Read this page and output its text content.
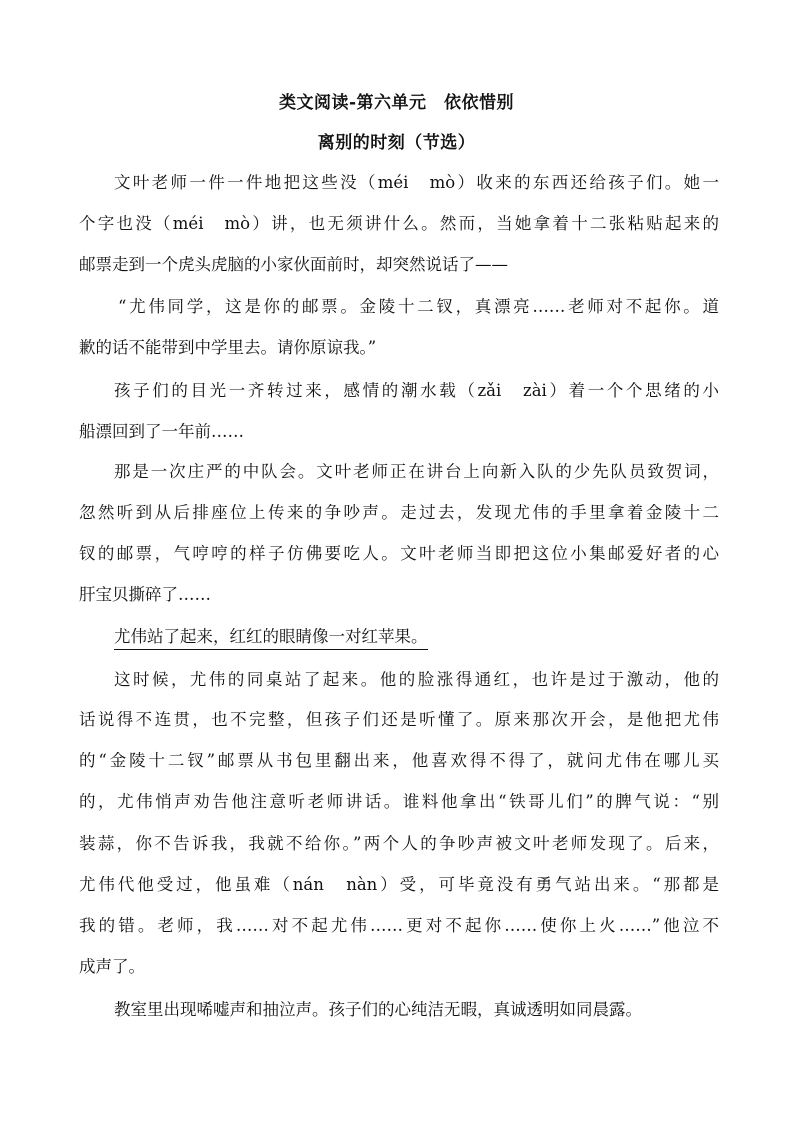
类文阅读-第六单元　依依惜别
离别的时刻（节选）
文叶老师一件一件地把这些没（méi　mò）收来的东西还给孩子们。她一
个字也没（méi　mò）讲，也无须讲什么。然而，当她拿着十二张粘贴起来的
邮票走到一个虎头虎脑的小家伙面前时，却突然说话了——
“尤伟同学，这是你的邮票。金陵十二钗，真漂亮……老师对不起你。道
歉的话不能带到中学里去。请你原谅我。”
孩子们的目光一齐转过来，感情的潮水载（zǎi　zài）着一个个思绪的小
船漂回到了一年前……
那是一次庄严的中队会。文叶老师正在讲台上向新入队的少先队员致贺词，
忽然听到从后排座位上传来的争吵声。走过去，发现尤伟的手里拿着金陵十二
钗的邮票，气哼哼的样子仿佛要吃人。文叶老师当即把这位小集邮爱好者的心
肝宝贝撕碎了……
尤伟站了起来，红红的眼睛像一对红苹果。
这时候，尤伟的同桌站了起来。他的脸涨得通红，也许是过于激动，他的
话说得不连贯，也不完整，但孩子们还是听懂了。原来那次开会，是他把尤伟
的“金陵十二钗”邮票从书包里翻出来，他喜欢得不得了，就问尤伟在哪儿买
的，尤伟悄声劝告他注意听老师讲话。谁料他拿出“铁哥儿们”的脾气说：“别
装蒜，你不告诉我，我就不给你。”两个人的争吵声被文叶老师发现了。后来，
尤伟代他受过，他虽难（nán　nàn）受，可毕竟没有勇气站出来。“那都是
我的错。老师，我……对不起尤伟……更对不起你……使你上火……”他泣不
成声了。
教室里出现唏嘘声和抽泣声。孩子们的心纯洁无暇，真诚透明如同晨露。
